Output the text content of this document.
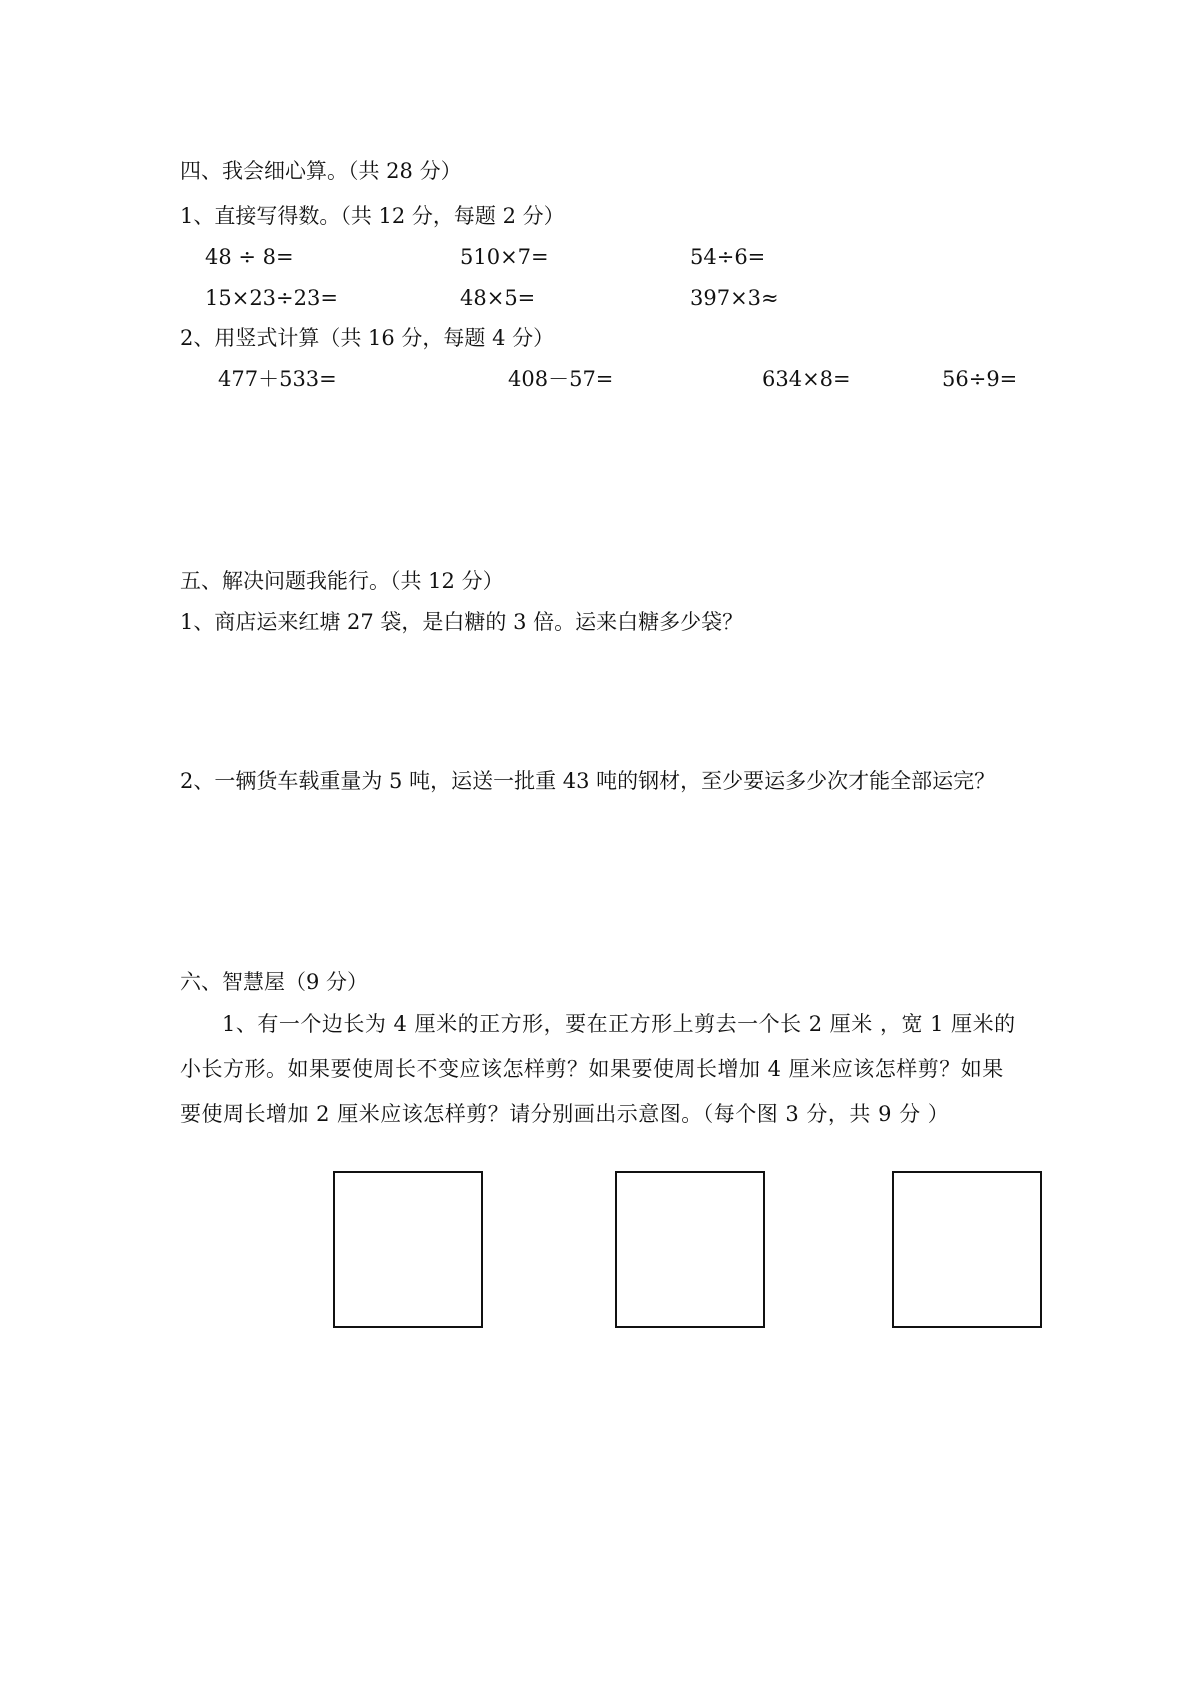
四、我会细心算。（共 28 分）
1、直接写得数。（共 12 分，每题 2 分）
48 ÷ 8=	510×7=	54÷6=
15×23÷23=	48×5=	397×3≈
2、用竖式计算（共 16 分，每题 4 分）
477＋533=	408－57=	634×8=	56÷9=
五、解决问题我能行。（共 12 分）
1、商店运来红塘 27 袋，是白糖的 3 倍。运来白糖多少袋？
2、一辆货车载重量为 5 吨，运送一批重 43 吨的钢材，至少要运多少次才能全部运完？
六、智慧屋（9 分）
1、有一个边长为 4 厘米的正方形，要在正方形上剪去一个长 2 厘米 ，宽 1 厘米的小长方形。如果要使周长不变应该怎样剪？如果要使周长增加 4 厘米应该怎样剪？如果要使周长增加 2 厘米应该怎样剪？请分别画出示意图。（每个图 3 分，共 9 分 ）
